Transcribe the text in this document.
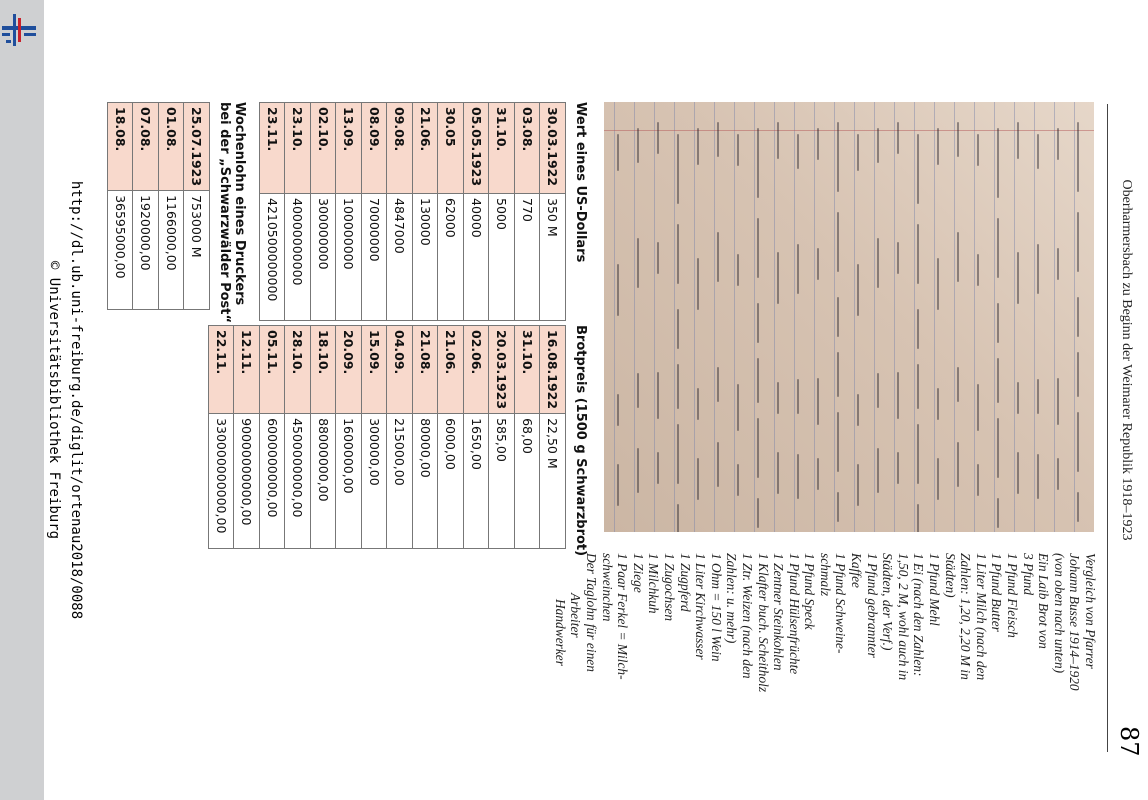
87
Oberharmersbach zu Beginn der Weimarer Republik 1918–1923
Vergleich von Pfarrer
Johann Busse 1914–1920
(von oben nach unten)
Ein Laib Brot von
3 Pfund
1 Pfund Fleisch
1 Pfund Butter
1 Liter Milch (nach den
Zahlen: 1,20, 2,20 M in
Städten)
1 Pfund Mehl
1 Ei (nach den Zahlen:
1,50, 2 M, wohl auch in
Städten, der Verf.)
1 Pfund gebrannter
Kaffee
1 Pfund Schweine-
schmalz
1 Pfund Speck
1 Pfund Hülsenfrüchte
1 Zentner Steinkohlen
1 Klafter buch. Scheitholz
1 Ztr. Weizen (nach den
Zahlen: u. mehr)
1 Ohm = 150 l Wein
1 Liter Kirchwasser
1 Zugpferd
1 Zugochsen
1 Milchkuh
1 Ziege
1 Paar Ferkel = Milch-
schweinchen
Der Taglohn für einen
Arbeiter
Handwerker
Wert eines US-Dollars
30.03.1922	350 M
03.08.	770
31.10.	5000
05.05.1923	40000
30.05	62000
21.06.	130000
09.08.	4847000
08.09.	70000000
13.09.	100000000
02.10.	300000000
23.10.	40000000000
23.11.	4210500000000
Brotpreis (1500 g Schwarzbrot)
16.08.1922	22,50 M
31.10.	68,00
20.03.1923	585,00
02.06.	1650,00
21.06.	6000,00
21.08.	80000,00
04.09.	215000,00
15.09.	300000,00
20.09.	1600000,00
18.10.	88000000,00
28.10.	4500000000,00
05.11.	6000000000,00
12.11.	90000000000,00
22.11.	330000000000,00
Wochenlohn eines Druckers
bei der „Schwarzwälder Post“
25.07.1923	753000 M
01.08.	1166000,00
07.08.	1920000,00
18.08.	36595000,00
http://dl.ub.uni-freiburg.de/diglit/ortenau2018/0088
© Universitätsbibliothek Freiburg
